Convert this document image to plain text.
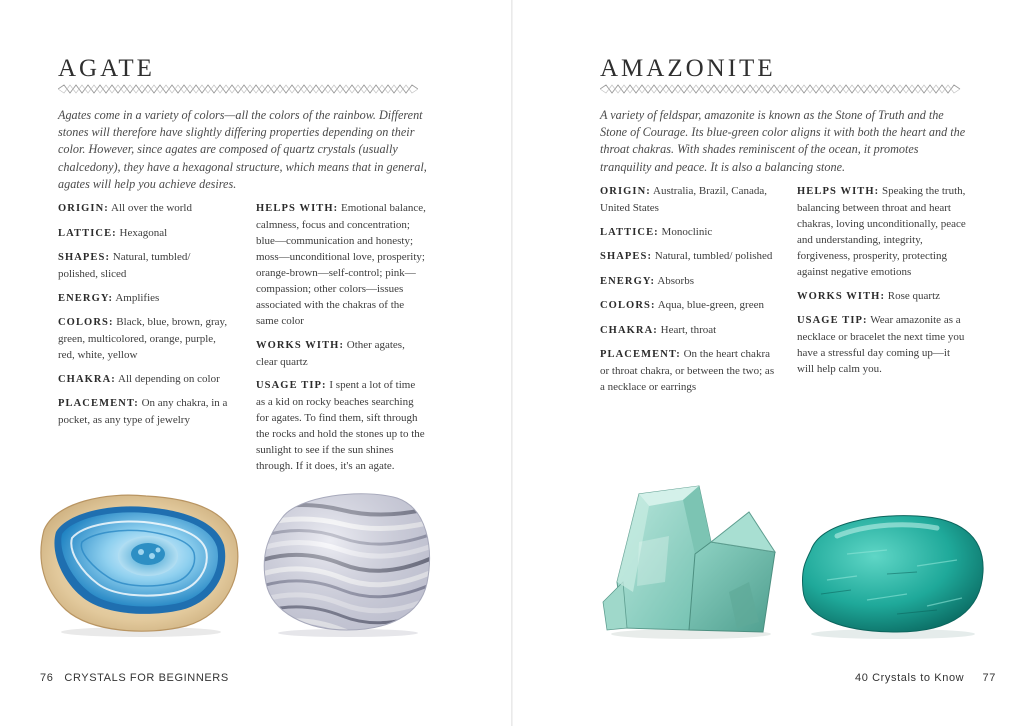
AGATE

Agates come in a variety of colors—all the colors of the rainbow. Different stones will therefore have slightly differing properties depending on their color. However, since agates are composed of quartz crystals (usually chalcedony), they have a hexagonal structure, which means that in general, agates will help you achieve desires.

ORIGIN: All over the world

LATTICE: Hexagonal

SHAPES: Natural, tumbled/ polished, sliced

ENERGY: Amplifies

COLORS: Black, blue, brown, gray, green, multicolored, orange, purple, red, white, yellow

CHAKRA: All depending on color

PLACEMENT: On any chakra, in a pocket, as any type of jewelry

HELPS WITH: Emotional balance, calmness, focus and concentration; blue—communication and honesty; moss—unconditional love, prosperity; orange-brown—self-control; pink—compassion; other colors—issues associated with the chakras of the same color

WORKS WITH: Other agates, clear quartz

USAGE TIP: I spent a lot of time as a kid on rocky beaches searching for agates. To find them, sift through the rocks and hold the stones up to the sunlight to see if the sun shines through. If it does, it's an agate.

76 CRYSTALS FOR BEGINNERS
AMAZONITE

A variety of feldspar, amazonite is known as the Stone of Truth and the Stone of Courage. Its blue-green color aligns it with both the heart and the throat chakras. With shades reminiscent of the ocean, it promotes tranquility and peace. It is also a balancing stone.

ORIGIN: Australia, Brazil, Canada, United States

LATTICE: Monoclinic

SHAPES: Natural, tumbled/ polished

ENERGY: Absorbs

COLORS: Aqua, blue-green, green

CHAKRA: Heart, throat

PLACEMENT: On the heart chakra or throat chakra, or between the two; as a necklace or earrings

HELPS WITH: Speaking the truth, balancing between throat and heart chakras, loving unconditionally, peace and understanding, integrity, forgiveness, prosperity, protecting against negative emotions

WORKS WITH: Rose quartz

USAGE TIP: Wear amazonite as a necklace or bracelet the next time you have a stressful day coming up—it will help calm you.

40 Crystals to Know 77
